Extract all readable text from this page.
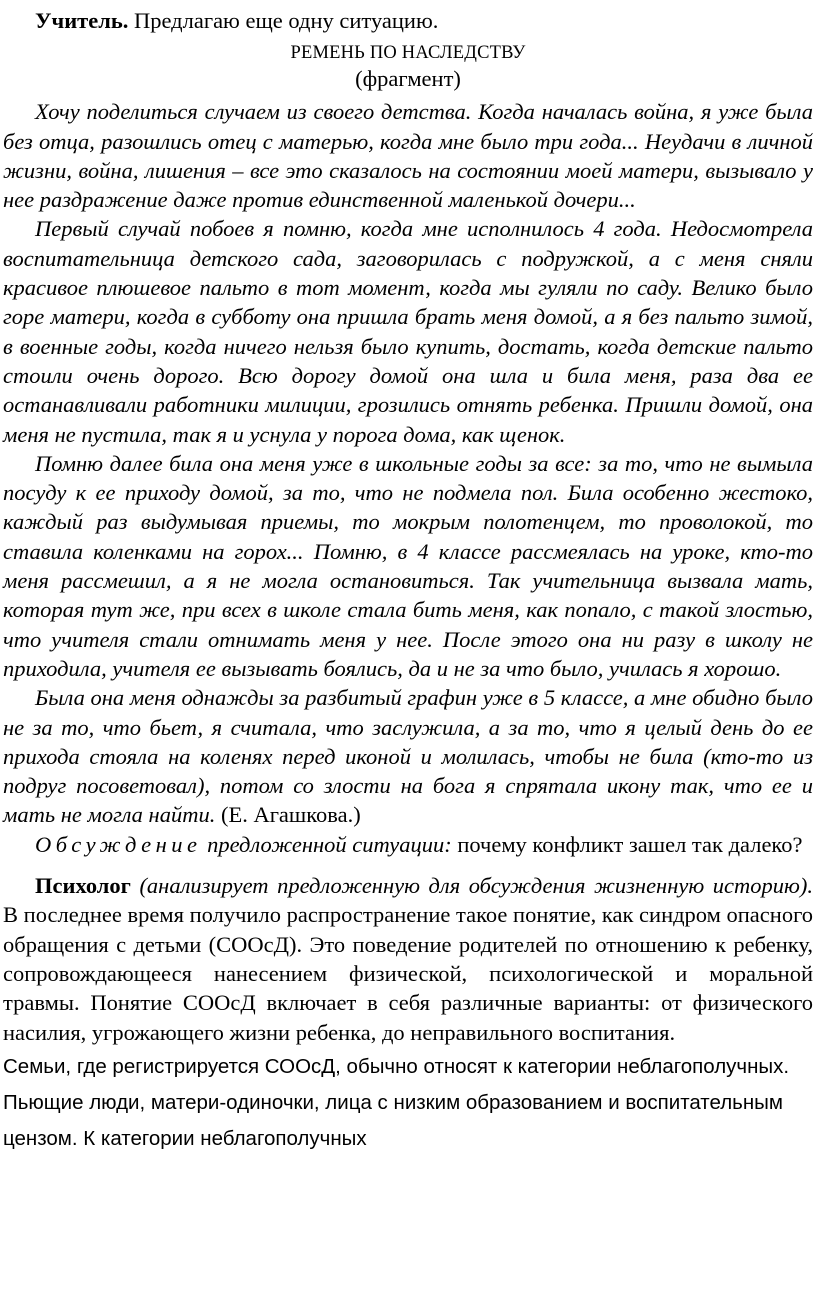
Учитель. Предлагаю еще одну ситуацию.

РЕМЕНЬ ПО НАСЛЕДСТВУ
(фрагмент)

Хочу поделиться случаем из своего детства. Когда началась война, я уже была без отца, разошлись отец с матерью, когда мне было три года... Неудачи в личной жизни, война, лишения – все это сказалось на состоянии моей матери, вызывало у нее раздражение даже против единственной маленькой дочери...

Первый случай побоев я помню, когда мне исполнилось 4 года. Недосмотрела воспитательница детского сада, заговорилась с подружкой, а с меня сняли красивое плюшевое пальто в тот момент, когда мы гуляли по саду. Велико было горе матери, когда в субботу она пришла брать меня домой, а я без пальто зимой, в военные годы, когда ничего нельзя было купить, достать, когда детские пальто стоили очень дорого. Всю дорогу домой она шла и била меня, раза два ее останавливали работники милиции, грозились отнять ребенка. Пришли домой, она меня не пустила, так я и уснула у порога дома, как щенок.

Помню далее била она меня уже в школьные годы за все: за то, что не вымыла посуду к ее приходу домой, за то, что не подмела пол. Била особенно жестоко, каждый раз выдумывая приемы, то мокрым полотенцем, то проволокой, то ставила коленками на горох... Помню, в 4 классе рассмеялась на уроке, кто-то меня рассмешил, а я не могла остановиться. Так учительница вызвала мать, которая тут же, при всех в школе стала бить меня, как попало, с такой злостью, что учителя стали отнимать меня у нее. После этого она ни разу в школу не приходила, учителя ее вызывать боялись, да и не за что было, училась я хорошо.

Была она меня однажды за разбитый графин уже в 5 классе, а мне обидно было не за то, что бьет, я считала, что заслужила, а за то, что я целый день до ее прихода стояла на коленях перед иконой и молилась, чтобы не била (кто-то из подруг посоветовал), потом со злости на бога я спрятала икону так, что ее и мать не могла найти. (Е. Агашкова.)

Обсуждение предложенной ситуации: почему конфликт зашел так далеко?

Психолог (анализирует предложенную для обсуждения жизненную историю). В последнее время получило распространение такое понятие, как синдром опасного обращения с детьми (СООсД). Это поведение родителей по отношению к ребенку, сопровождающееся нанесением физической, психологической и моральной травмы. Понятие СООсД включает в себя различные варианты: от физического насилия, угрожающего жизни ребенка, до неправильного воспитания.

Семьи, где регистрируется СООсД, обычно относят к категории неблагополучных. Пьющие люди, матери-одиночки, лица с низким образованием и воспитательным цензом. К категории неблагополучных
